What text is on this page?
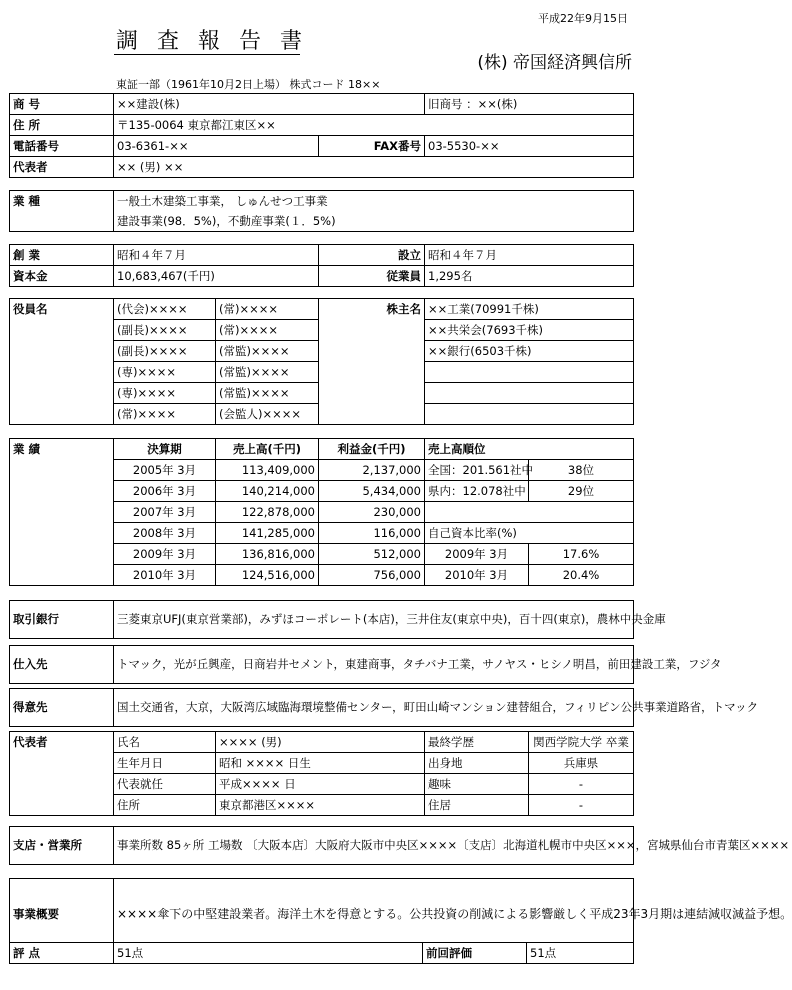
平成22年9月15日
調 査 報 告 書
(株) 帝国経済興信所
東証一部（1961年10月2日上場） 株式コード 18××
商 号	××建設(株)		旧商号 ：××(株)
住 所	〒135-0064 東京都江東区××		
電話番号	03-6361-××	FAX番号	03-5530-××
代表者	×× (男) ××		
業 種	一般土木建築工事業， しゅんせつ工事業
	建設事業(98．5%)，不動産事業(１．5%)
創 業	昭和４年７月	設立	昭和４年７月
資本金	10,683,467(千円)	従業員	1,295名
役員名	(代会)××××	(常)××××	株主名	××工業(70991千株)
	(副長)××××	(常)××××		××共栄会(7693千株)
	(副長)××××	(常監)××××		××銀行(6503千株)
	(専)××××	(常監)××××		
	(専)××××	(常監)××××		
	(常)××××	(会監人)××××		
業 績	決算期	売上高(千円)	利益金(千円)	売上高順位	
	2005年 3月	113,409,000	2,137,000	全国：201.561社中	38位
	2006年 3月	140,214,000	5,434,000	県内：12.078社中	29位
	2007年 3月	122,878,000	230,000		
	2008年 3月	141,285,000	116,000	自己資本比率(%)	
	2009年 3月	136,816,000	512,000	2009年 3月	17.6%
	2010年 3月	124,516,000	756,000	2010年 3月	20.4%
取引銀行	三菱東京UFJ(東京営業部)，みずほコーポレート(本店)，三井住友(東京中央)，百十四(東京)，農林中央金庫
仕入先	トマック，光が丘興産，日商岩井セメント，東建商事，タチバナ工業，サノヤス・ヒシノ明昌，前田建設工業，フジタ
得意先	国土交通省，大京，大阪湾広域臨海環境整備センター，町田山崎マンション建替組合，フィリピン公共事業道路省，トマック
代表者	氏名	×××× (男)	最終学歴	関西学院大学 卒業
	生年月日	昭和 ×××× 日生	出身地	兵庫県
	代表就任	平成×××× 日	趣味	-
	住所	東京都港区××××	住居	-
支店・営業所	事業所数 85ヶ所 工場数 〔大阪本店〕大阪府大阪市中央区××××〔支店〕北海道札幌市中央区×××，宮城県仙台市青葉区××××
事業概要	××××傘下の中堅建設業者。海洋土木を得意とする。公共投資の削減による影響厳しく平成23年3月期は連結減収減益予想。		
評 点	51点	前回評価	51点
